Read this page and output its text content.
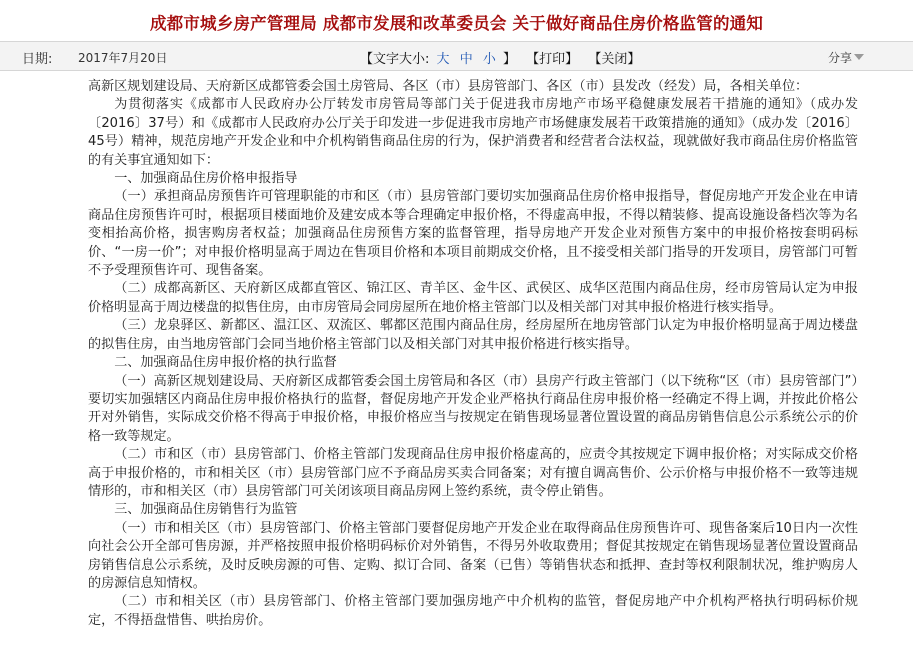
成都市城乡房产管理局 成都市发展和改革委员会 关于做好商品住房价格监管的通知
日期: 2017年7月20日	【文字大小: 大 中 小 】 【打印】 【关闭】	分享

高新区规划建设局、天府新区成都管委会国土房管局、各区（市）县房管部门、各区（市）县发改（经发）局，各相关单位：

为贯彻落实《成都市人民政府办公厅转发市房管局等部门关于促进我市房地产市场平稳健康发展若干措施的通知》（成办发〔2016〕37号）和《成都市人民政府办公厅关于印发进一步促进我市房地产市场健康发展若干政策措施的通知》（成办发〔2016〕45号）精神，规范房地产开发企业和中介机构销售商品住房的行为，保护消费者和经营者合法权益，现就做好我市商品住房价格监管的有关事宜通知如下：

一、加强商品住房价格申报指导

（一）承担商品房预售许可管理职能的市和区（市）县房管部门要切实加强商品住房价格申报指导，督促房地产开发企业在申请商品住房预售许可时，根据项目楼面地价及建安成本等合理确定申报价格，不得虚高申报，不得以精装修、提高设施设备档次等为名变相抬高价格，损害购房者权益；加强商品住房预售方案的监督管理，指导房地产开发企业对预售方案中的申报价格按套明码标价、“一房一价”；对申报价格明显高于周边在售项目价格和本项目前期成交价格，且不接受相关部门指导的开发项目，房管部门可暂不予受理预售许可、现售备案。

（二）成都高新区、天府新区成都直管区、锦江区、青羊区、金牛区、武侯区、成华区范围内商品住房，经市房管局认定为申报价格明显高于周边楼盘的拟售住房，由市房管局会同房屋所在地价格主管部门以及相关部门对其申报价格进行核实指导。

（三）龙泉驿区、新都区、温江区、双流区、郫都区范围内商品住房，经房屋所在地房管部门认定为申报价格明显高于周边楼盘的拟售住房，由当地房管部门会同当地价格主管部门以及相关部门对其申报价格进行核实指导。

二、加强商品住房申报价格的执行监督

（一）高新区规划建设局、天府新区成都管委会国土房管局和各区（市）县房产行政主管部门（以下统称“区（市）县房管部门”）要切实加强辖区内商品住房申报价格执行的监督，督促房地产开发企业严格执行商品住房申报价格一经确定不得上调，并按此价格公开对外销售，实际成交价格不得高于申报价格，申报价格应当与按规定在销售现场显著位置设置的商品房销售信息公示系统公示的价格一致等规定。

（二）市和区（市）县房管部门、价格主管部门发现商品住房申报价格虚高的，应责令其按规定下调申报价格；对实际成交价格高于申报价格的，市和相关区（市）县房管部门应不予商品房买卖合同备案；对有擅自调高售价、公示价格与申报价格不一致等违规情形的，市和相关区（市）县房管部门可关闭该项目商品房网上签约系统，责令停止销售。

三、加强商品住房销售行为监管

（一）市和相关区（市）县房管部门、价格主管部门要督促房地产开发企业在取得商品住房预售许可、现售备案后10日内一次性向社会公开全部可售房源，并严格按照申报价格明码标价对外销售，不得另外收取费用；督促其按规定在销售现场显著位置设置商品房销售信息公示系统，及时反映房源的可售、定购、拟订合同、备案（已售）等销售状态和抵押、查封等权利限制状况，维护购房人的房源信息知情权。

（二）市和相关区（市）县房管部门、价格主管部门要加强房地产中介机构的监管，督促房地产中介机构严格执行明码标价规定，不得捂盘惜售、哄抬房价。
